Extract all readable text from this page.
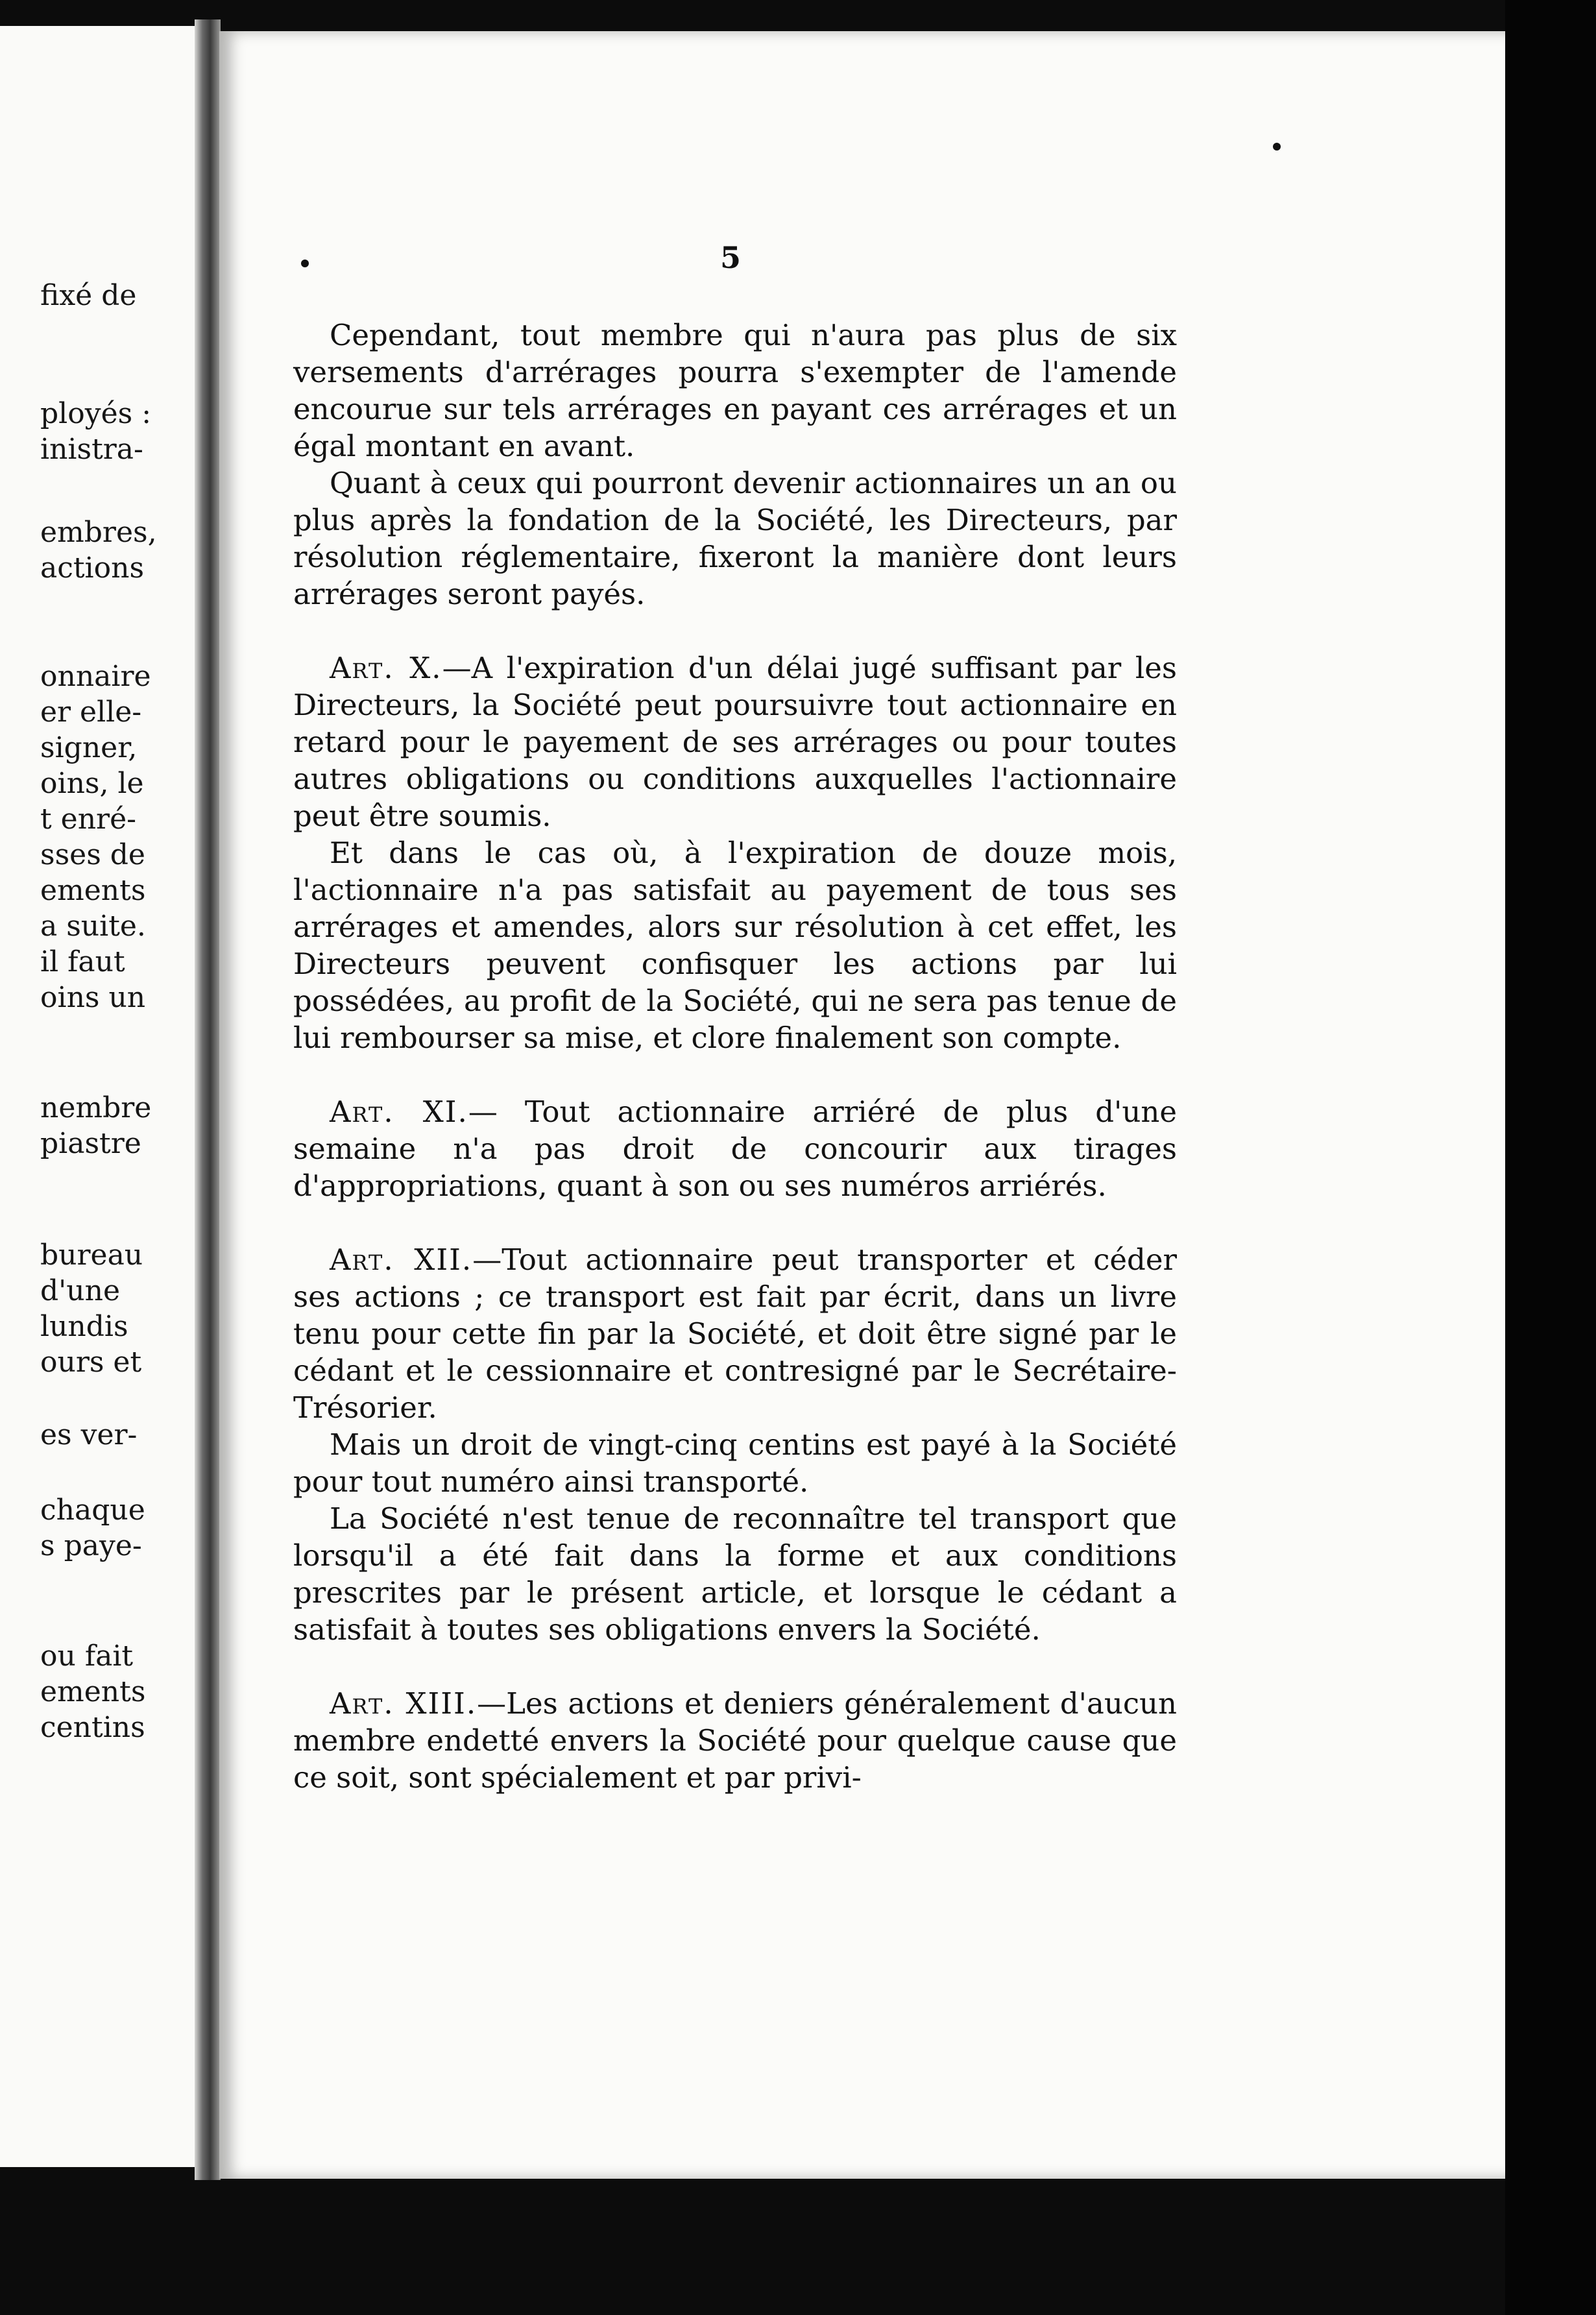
fixé de
ployés :
inistra-
embres,
actions
onnaire
er elle-
signer,
oins, le
t enré-
sses de
ements
a suite.
il faut
oins un
nembre
piastre
bureau
d'une
lundis
ours et
es ver-
chaque
s paye-
ou fait
ements
centins
5

Cependant, tout membre qui n'aura pas plus de six versements d'arrérages pourra s'exempter de l'amende encourue sur tels arrérages en payant ces arrérages et un égal montant en avant.

Quant à ceux qui pourront devenir actionnaires un an ou plus après la fondation de la Société, les Directeurs, par résolution réglementaire, fixeront la manière dont leurs arrérages seront payés.

Art. X.—A l'expiration d'un délai jugé suffisant par les Directeurs, la Société peut poursuivre tout actionnaire en retard pour le payement de ses arrérages ou pour toutes autres obligations ou conditions auxquelles l'actionnaire peut être soumis.

Et dans le cas où, à l'expiration de douze mois, l'actionnaire n'a pas satisfait au payement de tous ses arrérages et amendes, alors sur résolution à cet effet, les Directeurs peuvent confisquer les actions par lui possédées, au profit de la Société, qui ne sera pas tenue de lui rembourser sa mise, et clore finalement son compte.

Art. XI.— Tout actionnaire arriéré de plus d'une semaine n'a pas droit de concourir aux tirages d'appropriations, quant à son ou ses numéros arriérés.

Art. XII.—Tout actionnaire peut transporter et céder ses actions ; ce transport est fait par écrit, dans un livre tenu pour cette fin par la Société, et doit être signé par le cédant et le cessionnaire et contresigné par le Secrétaire-Trésorier.

Mais un droit de vingt-cinq centins est payé à la Société pour tout numéro ainsi transporté.

La Société n'est tenue de reconnaître tel transport que lorsqu'il a été fait dans la forme et aux conditions prescrites par le présent article, et lorsque le cédant a satisfait à toutes ses obligations envers la Société.

Art. XIII.—Les actions et deniers généralement d'aucun membre endetté envers la Société pour quelque cause que ce soit, sont spécialement et par privi-
